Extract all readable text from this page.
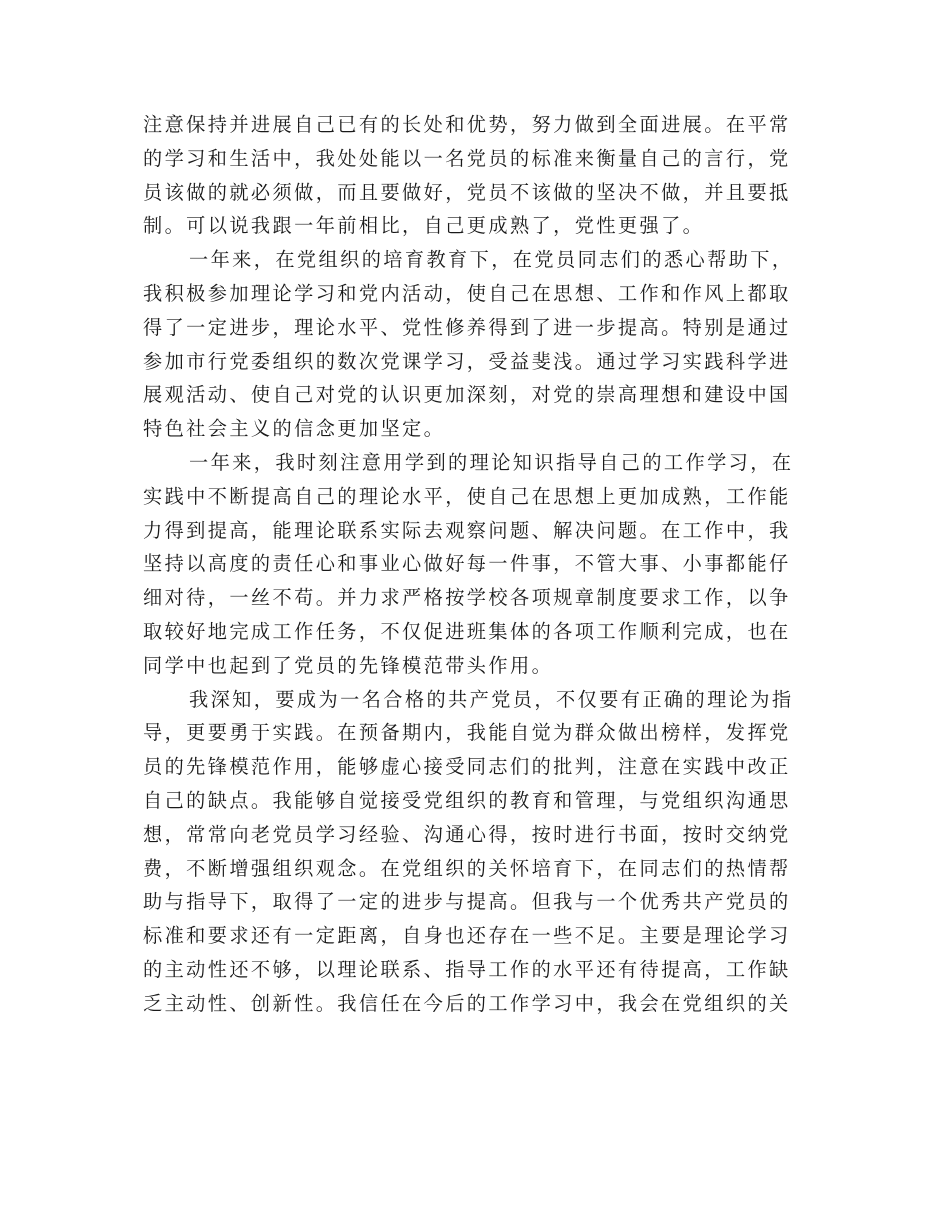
注意保持并进展自己已有的长处和优势，努力做到全面进展。在平常
的学习和生活中，我处处能以一名党员的标准来衡量自己的言行，党
员该做的就必须做，而且要做好，党员不该做的坚决不做，并且要抵
制。可以说我跟一年前相比，自己更成熟了，党性更强了。
一年来，在党组织的培育教育下，在党员同志们的悉心帮助下，
我积极参加理论学习和党内活动，使自己在思想、工作和作风上都取
得了一定进步，理论水平、党性修养得到了进一步提高。特别是通过
参加市行党委组织的数次党课学习，受益斐浅。通过学习实践科学进
展观活动、使自己对党的认识更加深刻，对党的崇高理想和建设中国
特色社会主义的信念更加坚定。
一年来，我时刻注意用学到的理论知识指导自己的工作学习，在
实践中不断提高自己的理论水平，使自己在思想上更加成熟，工作能
力得到提高，能理论联系实际去观察问题、解决问题。在工作中，我
坚持以高度的责任心和事业心做好每一件事，不管大事、小事都能仔
细对待，一丝不苟。并力求严格按学校各项规章制度要求工作，以争
取较好地完成工作任务，不仅促进班集体的各项工作顺利完成，也在
同学中也起到了党员的先锋模范带头作用。
我深知，要成为一名合格的共产党员，不仅要有正确的理论为指
导，更要勇于实践。在预备期内，我能自觉为群众做出榜样，发挥党
员的先锋模范作用，能够虚心接受同志们的批判，注意在实践中改正
自己的缺点。我能够自觉接受党组织的教育和管理，与党组织沟通思
想，常常向老党员学习经验、沟通心得，按时进行书面，按时交纳党
费，不断增强组织观念。在党组织的关怀培育下，在同志们的热情帮
助与指导下，取得了一定的进步与提高。但我与一个优秀共产党员的
标准和要求还有一定距离，自身也还存在一些不足。主要是理论学习
的主动性还不够，以理论联系、指导工作的水平还有待提高，工作缺
乏主动性、创新性。我信任在今后的工作学习中，我会在党组织的关
